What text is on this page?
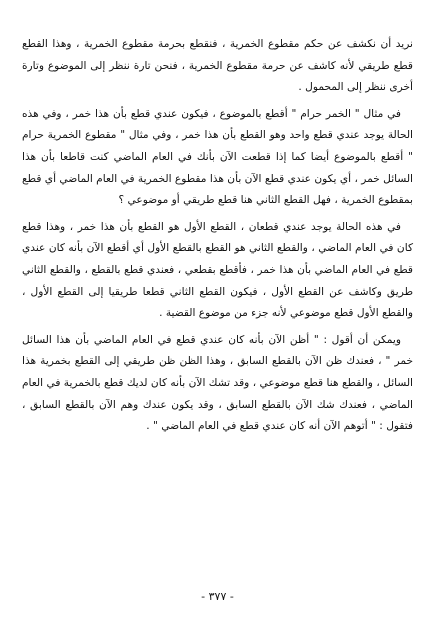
نريد أن نكشف عن حكم مقطوع الخمرية ، فنقطع بحرمة مقطوع الخمرية ، وهذا القطع قطع طريقي لأنه كاشف عن حرمة مقطوع الخمرية ، فنحن تارة ننظر إلى الموضوع وتارة أخرى ننظر إلى المحمول .

في مثال " الخمر حرام " أقطع بالموضوع ، فيكون عندي قطع بأن هذا خمر ، وفي هذه الحالة يوجد عندي قطع واحد وهو القطع بأن هذا خمر ، وفي مثال " مقطوع الخمرية حرام " أقطع بالموضوع أيضا كما إذا قطعت الآن بأنك في العام الماضي كنت قاطعا بأن هذا السائل خمر ، أي يكون عندي قطع الآن بأن هذا مقطوع الخمرية في العام الماضي أي قطع بمقطوع الخمرية ، فهل القطع الثاني هنا قطع طريقي أو موضوعي ؟

في هذه الحالة يوجد عندي قطعان ، القطع الأول هو القطع بأن هذا خمر ، وهذا قطع كان في العام الماضي ، والقطع الثاني هو القطع بالقطع الأول أي أقطع الآن بأنه كان عندي قطع في العام الماضي بأن هذا خمر ، فأقطع بقطعي ، فعندي قطع بالقطع ، والقطع الثاني طريق وكاشف عن القطع الأول ، فيكون القطع الثاني قطعا طريقيا إلى القطع الأول ، والقطع الأول قطع موضوعي لأنه جزء من موضوع القضية .

ويمكن أن أقول : " أظن الآن بأنه كان عندي قطع في العام الماضي بأن هذا السائل خمر " ، فعندك ظن الآن بالقطع السابق ، وهذا الظن ظن طريقي إلى القطع بخمرية هذا السائل ، والقطع هنا قطع موضوعي ، وقد تشك الآن بأنه كان لديك قطع بالخمرية في العام الماضي ، فعندك شك الآن بالقطع السابق ، وقد يكون عندك وهم الآن بالقطع السابق ، فتقول : " أتوهم الآن أنه كان عندي قطع في العام الماضي " .

- ٣٧٧ -
